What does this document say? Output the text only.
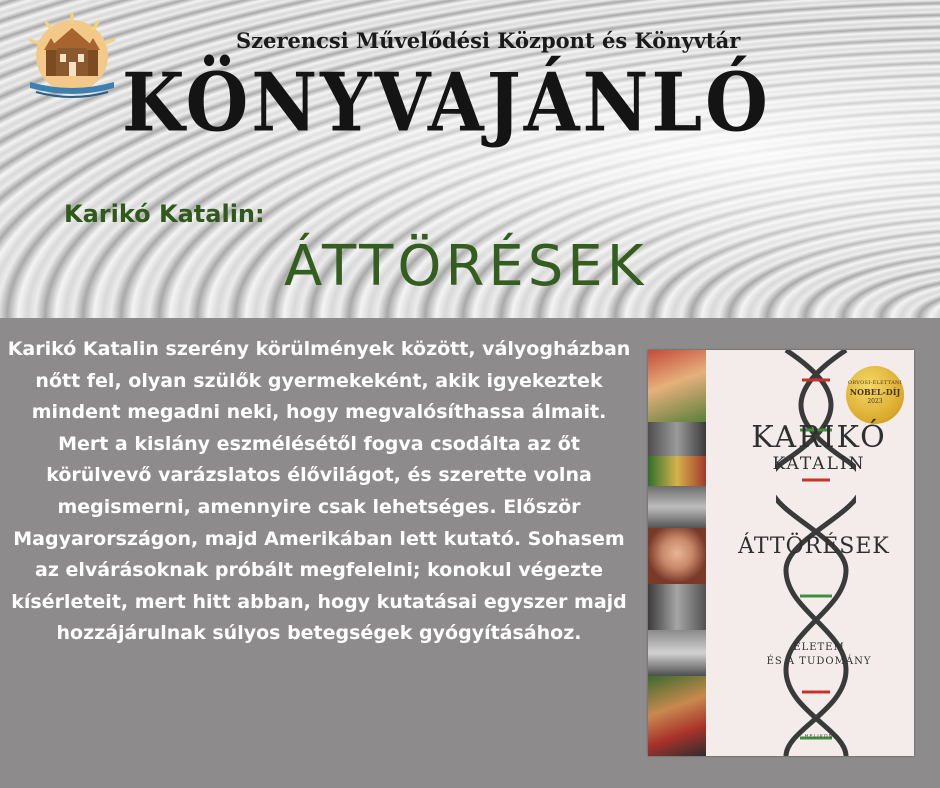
Szerencsi Művelődési Központ és Könyvtár
KÖNYVAJÁNLÓ
Karikó Katalin:
ÁTTÖRÉSEK

Karikó Katalin szerény körülmények között, vályogházban nőtt fel, olyan szülők gyermekeként, akik igyekeztek mindent megadni neki, hogy megvalósíthassa álmait. Mert a kislány eszmélésétől fogva csodálta az őt körülvevő varázslatos élővilágot, és szerette volna megismerni, amennyire csak lehetséges. Először Magyarországon, majd Amerikában lett kutató. Sohasem az elvárásoknak próbált megfelelni; konokul végezte kísérleteit, mert hitt abban, hogy kutatásai egyszer majd hozzájárulnak súlyos betegségek gyógyításához.

ORVOSI-ÉLETTANI
NOBEL-DÍJ
2023
KARIKÓ
KATALIN
ÁTTÖRÉSEK
ÉLETEM
ÉS A TUDOMÁNY
HELIKON
